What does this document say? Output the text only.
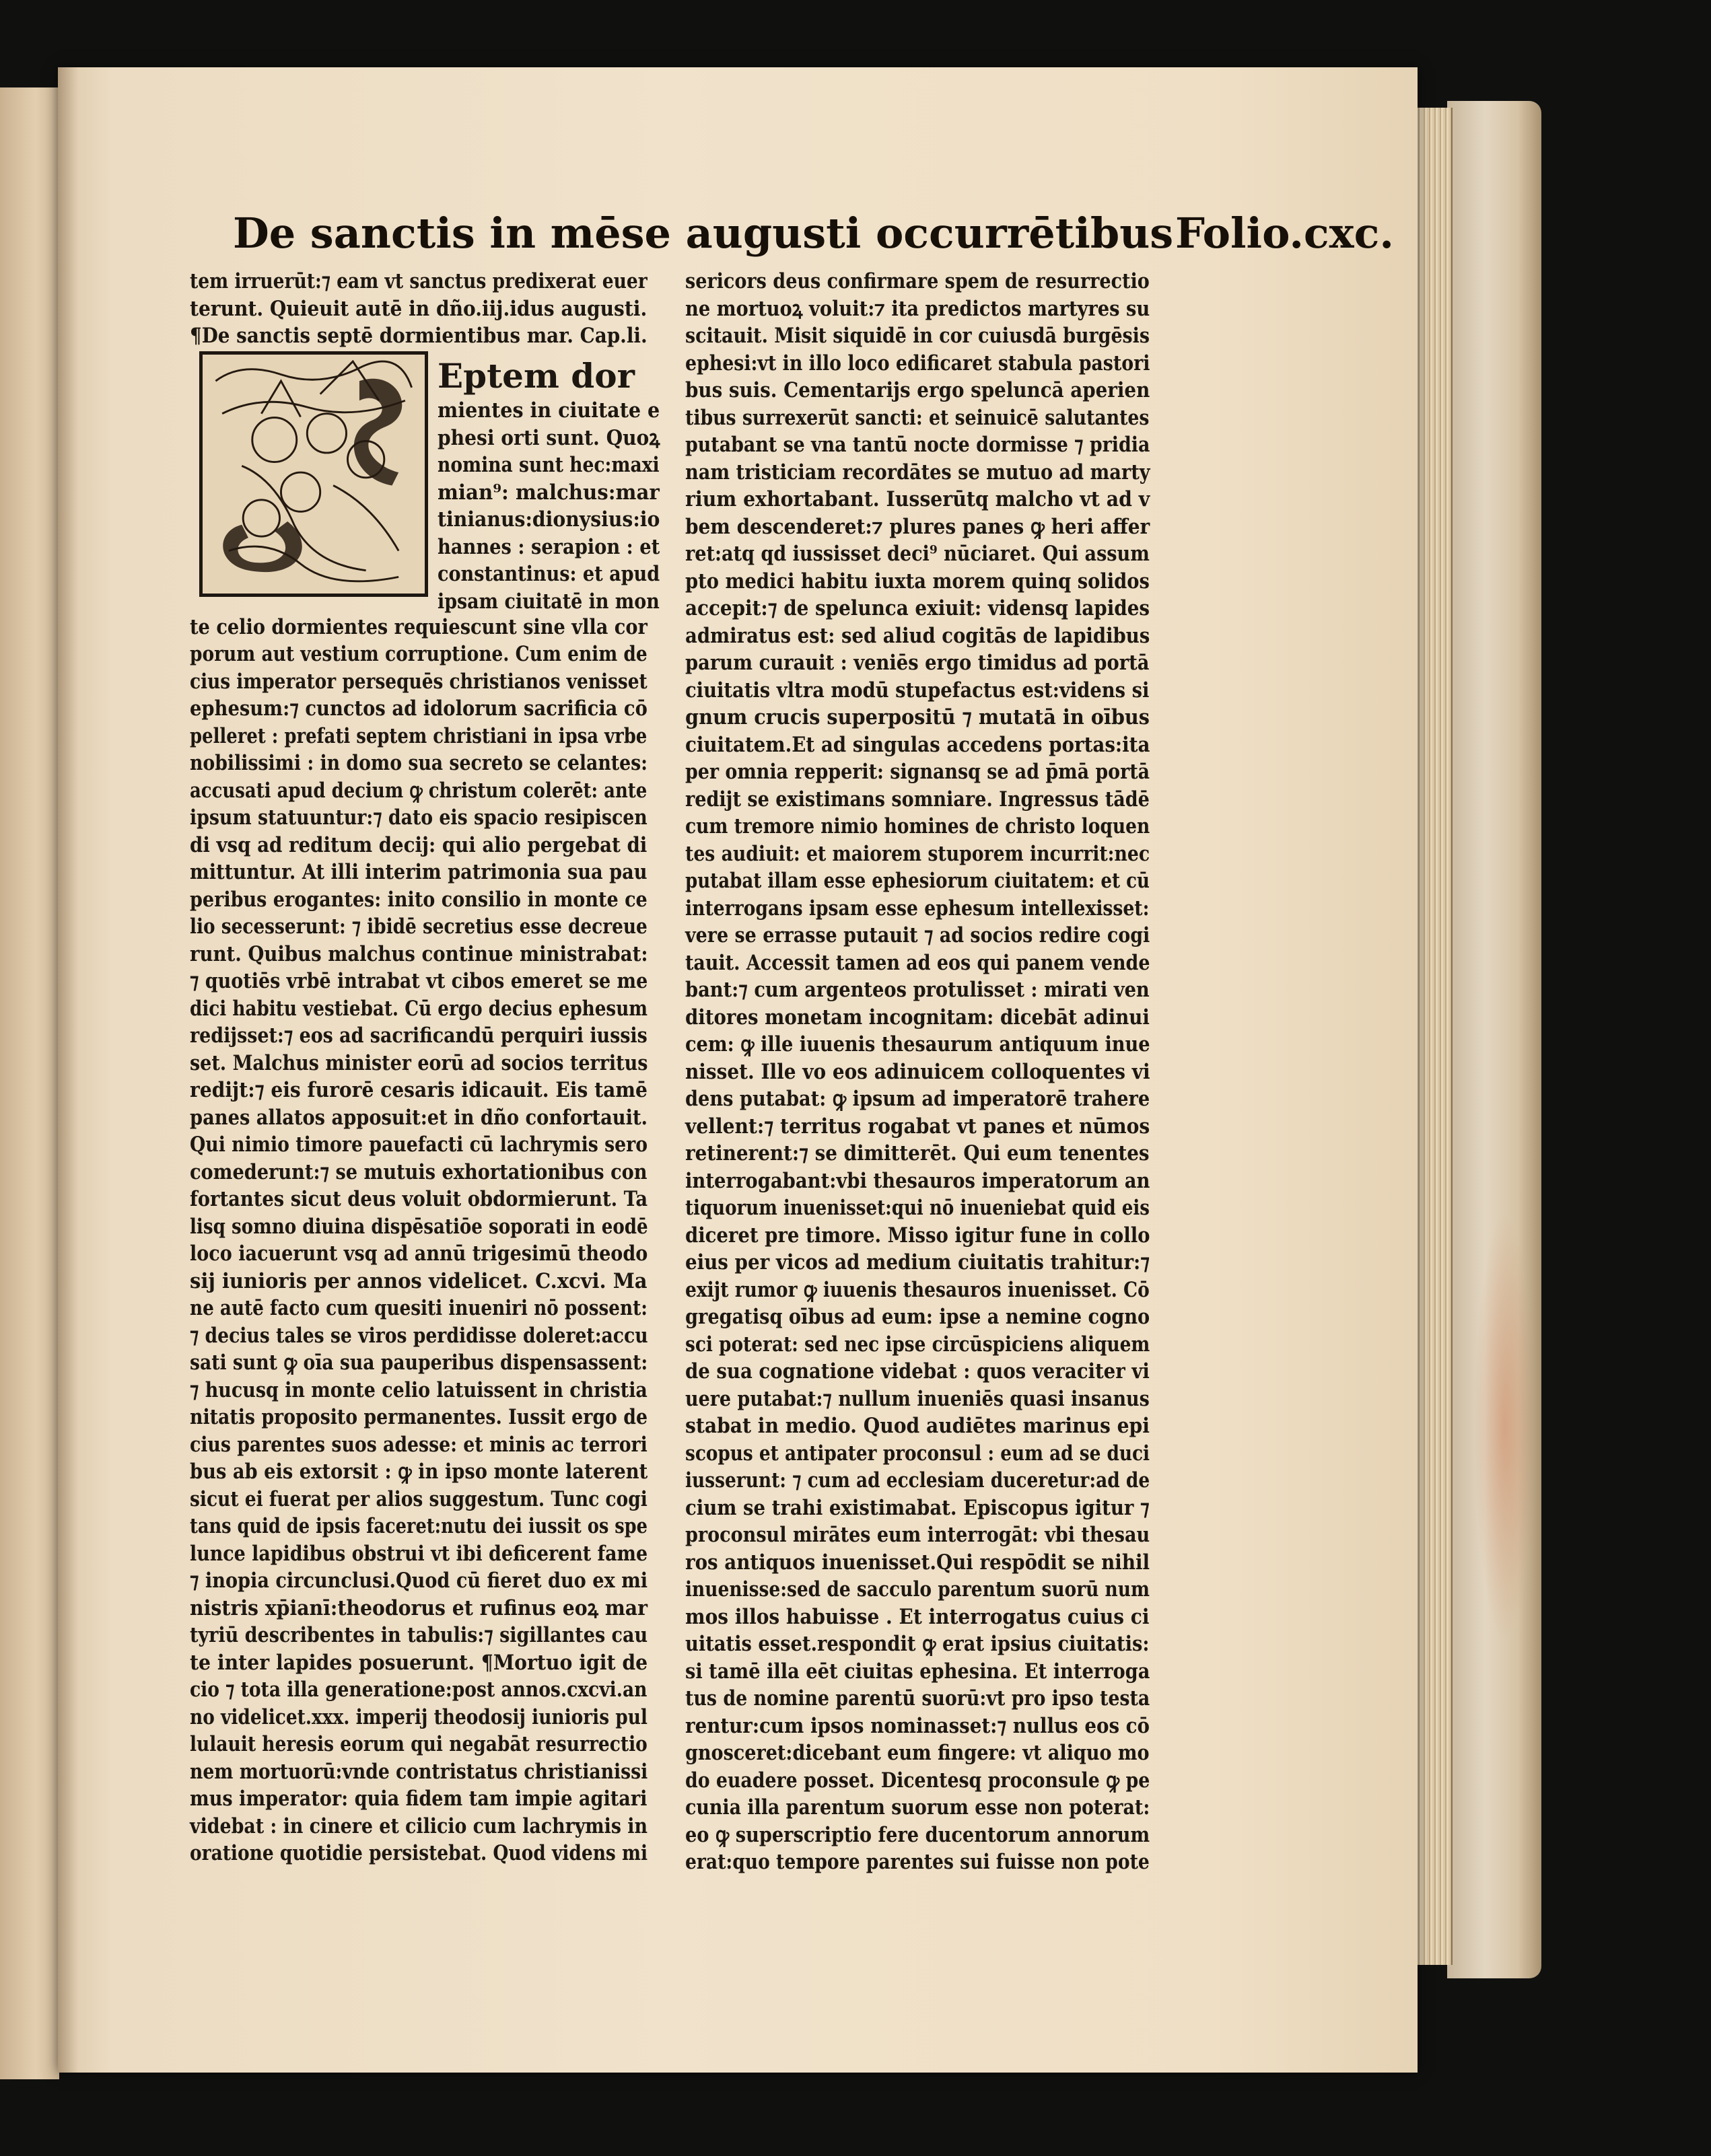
De sanctis in mēse augusti occurrētibus Folio.cxc.
tem irruerūt:⁊ eam vt sanctus predixerat euer
terunt. Quieuit autē in dño.iij.idus augusti.
¶De sanctis septē dormientibus mar. Cap.li.
te celio dormientes requiescunt sine vlla cor
porum aut vestium corruptione. Cum enim de
cius imperator persequēs christianos venisset
ephesum:⁊ cunctos ad idolorum sacrificia cō
pelleret : prefati septem christiani in ipsa vrbe
nobilissimi : in domo sua secreto se celantes:
accusati apud decium ꝙ christum colerēt: ante
ipsum statuuntur:⁊ dato eis spacio resipiscen
di vsq ad reditum decij: qui alio pergebat di
mittuntur. At illi interim patrimonia sua pau
peribus erogantes: inito consilio in monte ce
lio secesserunt: ⁊ ibidē secretius esse decreue
runt. Quibus malchus continue ministrabat:
⁊ quotiēs vrbē intrabat vt cibos emeret se me
dici habitu vestiebat. Cū ergo decius ephesum
redijsset:⁊ eos ad sacrificandū perquiri iussis
set. Malchus minister eorū ad socios territus
redijt:⁊ eis furorē cesaris idicauit. Eis tamē
panes allatos apposuit:et in dño confortauit.
Qui nimio timore pauefacti cū lachrymis sero
comederunt:⁊ se mutuis exhortationibus con
fortantes sicut deus voluit obdormierunt. Ta
lisq somno diuina dispēsatiōe soporati in eodē
loco iacuerunt vsq ad annū trigesimū theodo
sij iunioris per annos videlicet. C.xcvi. Ma
ne autē facto cum quesiti inueniri nō possent:
⁊ decius tales se viros perdidisse doleret:accu
sati sunt ꝙ oīa sua pauperibus dispensassent:
⁊ hucusq in monte celio latuissent in christia
nitatis proposito permanentes. Iussit ergo de
cius parentes suos adesse: et minis ac terrori
bus ab eis extorsit : ꝙ in ipso monte laterent
sicut ei fuerat per alios suggestum. Tunc cogi
tans quid de ipsis faceret:nutu dei iussit os spe
lunce lapidibus obstrui vt ibi deficerent fame
⁊ inopia circunclusi.Quod cū fieret duo ex mi
nistris xp̄ianī:theodorus et rufinus eoꝝ mar
tyriū describentes in tabulis:⁊ sigillantes cau
te inter lapides posuerunt. ¶Mortuo igit de
cio ⁊ tota illa generatione:post annos.cxcvi.an
no videlicet.xxx. imperij theodosij iunioris pul
lulauit heresis eorum qui negabāt resurrectio
nem mortuorū:vnde contristatus christianissi
mus imperator: quia fidem tam impie agitari
videbat : in cinere et cilicio cum lachrymis in
oratione quotidie persistebat. Quod videns mi
Eptem dor
mientes in ciuitate e
phesi orti sunt. Quoꝝ
nomina sunt hec:maxi
mian⁹: malchus:mar
tinianus:dionysius:io
hannes : serapion : et
constantinus: et apud
ipsam ciuitatē in mon
sericors deus confirmare spem de resurrectio
ne mortuoꝝ voluit:⁊ ita predictos martyres su
scitauit. Misit siquidē in cor cuiusdā burgēsis
ephesi:vt in illo loco edificaret stabula pastori
bus suis. Cementarijs ergo speluncā aperien
tibus surrexerūt sancti: et seinuicē salutantes
putabant se vna tantū nocte dormisse ⁊ pridia
nam tristiciam recordātes se mutuo ad marty
rium exhortabant. Iusserūtq malcho vt ad v
bem descenderet:⁊ plures panes ꝙ heri affer
ret:atq qd iussisset deci⁹ nūciaret. Qui assum
pto medici habitu iuxta morem quinq solidos
accepit:⁊ de spelunca exiuit: vidensq lapides
admiratus est: sed aliud cogitās de lapidibus
parum curauit : veniēs ergo timidus ad portā
ciuitatis vltra modū stupefactus est:videns si
gnum crucis superpositū ⁊ mutatā in oībus
ciuitatem.Et ad singulas accedens portas:ita
per omnia repperit: signansq se ad p̄mā portā
redijt se existimans somniare. Ingressus tādē
cum tremore nimio homines de christo loquen
tes audiuit: et maiorem stuporem incurrit:nec
putabat illam esse ephesiorum ciuitatem: et cū
interrogans ipsam esse ephesum intellexisset:
vere se errasse putauit ⁊ ad socios redire cogi
tauit. Accessit tamen ad eos qui panem vende
bant:⁊ cum argenteos protulisset : mirati ven
ditores monetam incognitam: dicebāt adinui
cem: ꝙ ille iuuenis thesaurum antiquum inue
nisset. Ille vo eos adinuicem colloquentes vi
dens putabat: ꝙ ipsum ad imperatorē trahere
vellent:⁊ territus rogabat vt panes et nūmos
retinerent:⁊ se dimitterēt. Qui eum tenentes
interrogabant:vbi thesauros imperatorum an
tiquorum inuenisset:qui nō inueniebat quid eis
diceret pre timore. Misso igitur fune in collo
eius per vicos ad medium ciuitatis trahitur:⁊
exijt rumor ꝙ iuuenis thesauros inuenisset. Cō
gregatisq oībus ad eum: ipse a nemine cogno
sci poterat: sed nec ipse circūspiciens aliquem
de sua cognatione videbat : quos veraciter vi
uere putabat:⁊ nullum inueniēs quasi insanus
stabat in medio. Quod audiētes marinus epi
scopus et antipater proconsul : eum ad se duci
iusserunt: ⁊ cum ad ecclesiam duceretur:ad de
cium se trahi existimabat. Episcopus igitur ⁊
proconsul mirātes eum interrogāt: vbi thesau
ros antiquos inuenisset.Qui respōdit se nihil
inuenisse:sed de sacculo parentum suorū num
mos illos habuisse . Et interrogatus cuius ci
uitatis esset.respondit ꝙ erat ipsius ciuitatis:
si tamē illa eēt ciuitas ephesina. Et interroga
tus de nomine parentū suorū:vt pro ipso testa
rentur:cum ipsos nominasset:⁊ nullus eos cō
gnosceret:dicebant eum fingere: vt aliquo mo
do euadere posset. Dicentesq proconsule ꝙ pe
cunia illa parentum suorum esse non poterat:
eo ꝙ superscriptio fere ducentorum annorum
erat:quo tempore parentes sui fuisse non pote
